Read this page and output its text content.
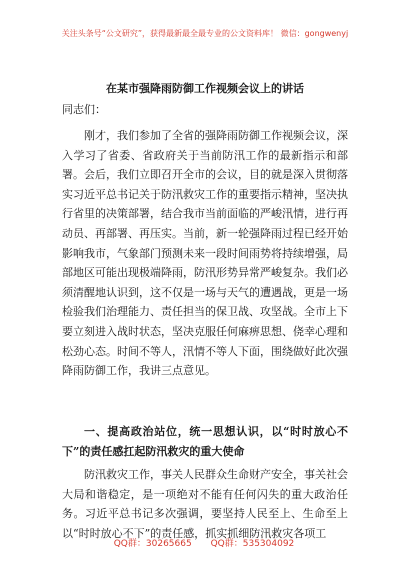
关注头条号“公文研究”，获得最新最全最专业的公文资料库！ 微信：gongwenyj
在某市强降雨防御工作视频会议上的讲话
同志们：
刚才，我们参加了全省的强降雨防御工作视频会议，深入学习了省委、省政府关于当前防汛工作的最新指示和部署。会后，我们立即召开全市的会议，目的就是深入贯彻落实习近平总书记关于防汛救灾工作的重要指示精神，坚决执行省里的决策部署，结合我市当前面临的严峻汛情，进行再动员、再部署、再压实。当前，新一轮强降雨过程已经开始影响我市，气象部门预测未来一段时间雨势将持续增强，局部地区可能出现极端降雨，防汛形势异常严峻复杂。我们必须清醒地认识到，这不仅是一场与天气的遭遇战，更是一场检验我们治理能力、责任担当的保卫战、攻坚战。全市上下要立刻进入战时状态，坚决克服任何麻痹思想、侥幸心理和松劲心态。时间不等人，汛情不等人下面，围绕做好此次强降雨防御工作，我讲三点意见。
一、提高政治站位，统一思想认识，以“时时放心不下”的责任感扛起防汛救灾的重大使命
防汛救灾工作，事关人民群众生命财产安全，事关社会大局和谐稳定，是一项绝对不能有任何闪失的重大政治任务。习近平总书记多次强调，要坚持人民至上、生命至上以“时时放心不下”的责任感，抓实抓细防汛救灾各项工
QQ群：30265665 QQ群：535304092
